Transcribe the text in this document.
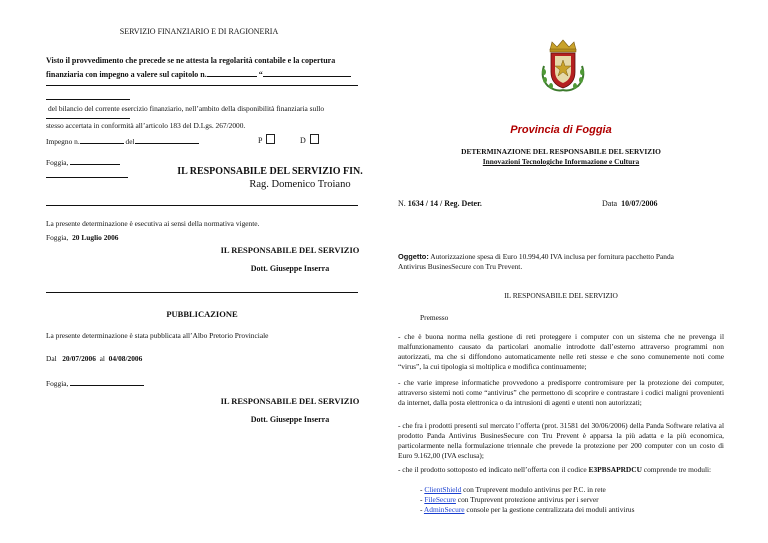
SERVIZIO FINANZIARIO E DI RAGIONERIA
Visto il provvedimento che precede se ne attesta la regolarità contabile e la copertura
finanziaria con impegno a valere sul capitolo n.	“
del bilancio del corrente esercizio finanziario, nell’ambito della disponibilità finanziaria sullo
stesso accertata in conformità all’articolo 183 del D.Lgs. 267/2000.
Impegno n.	del	P	D
Foggia,
IL RESPONSABILE DEL SERVIZIO FIN.
Rag. Domenico Troiano
La presente determinazione è esecutiva ai sensi della normativa vigente.
Foggia, 20 Luglio 2006
IL RESPONSABILE DEL SERVIZIO
Dott. Giuseppe Inserra
PUBBLICAZIONE
La presente determinazione è stata pubblicata all’Albo Pretorio Provinciale
Dal 20/07/2006 al 04/08/2006
Foggia,
IL RESPONSABILE DEL SERVIZIO
Dott. Giuseppe Inserra
Provincia di Foggia
DETERMINAZIONE DEL RESPONSABILE DEL SERVIZIO
Innovazioni Tecnologiche Informazione e Cultura
N. 1634 / 14 / Reg. Deter.	Data 10/07/2006
Oggetto: Autorizzazione spesa di Euro 10.994,40 IVA inclusa per fornitura pacchetto Panda
Antivirus BusinesSecure con Tru Prevent.
IL RESPONSABILE DEL SERVIZIO
Premesso
- che è buona norma nella gestione di reti proteggere i computer con un sistema che ne prevenga il malfunzionamento causato da particolari anomalie introdotte dall’esterno attraverso programmi non autorizzati, ma che si diffondono automaticamente nelle reti stesse e che sono comunemente noti come “virus”, la cui tipologia si moltiplica e modifica continuamente;
- che varie imprese informatiche provvedono a predisporre contromisure per la protezione dei computer, attraverso sistemi noti come “antivirus” che permettono di scoprire e contrastare i codici maligni provenienti da internet, dalla posta elettronica o da intrusioni di agenti e utenti non autorizzati;
- che fra i prodotti presenti sul mercato l’offerta (prot. 31581 del 30/06/2006) della Panda Software relativa al prodotto Panda Antivirus BusinesSecure con Tru Prevent è apparsa la più adatta e la più economica, particolarmente nella formulazione triennale che prevede la protezione per 200 computer con un costo di Euro 9.162,00 (IVA esclusa);
- che il prodotto sottoposto ed indicato nell’offerta con il codice E3PBSAPRDCU comprende tre moduli:
- ClientShield con Truprevent modulo antivirus per P.C. in rete
- FileSecure con Truprevent protezione antivirus per i server
- AdminSecure console per la gestione centralizzata dei moduli antivirus
